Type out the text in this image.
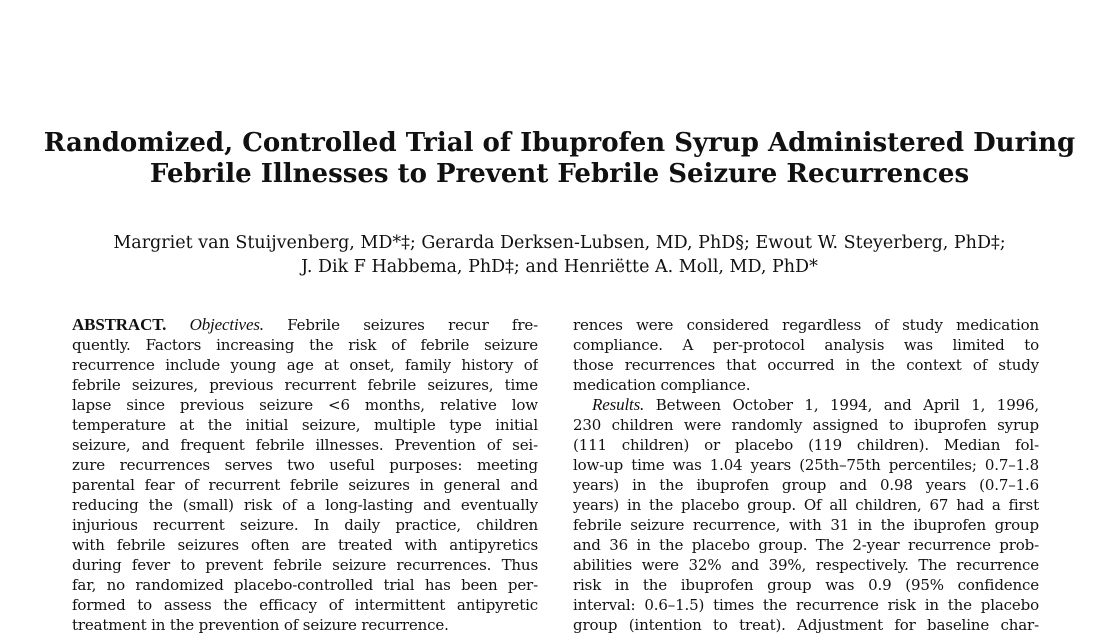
Randomized, Controlled Trial of Ibuprofen Syrup Administered During
Febrile Illnesses to Prevent Febrile Seizure Recurrences
Margriet van Stuijvenberg, MD*‡; Gerarda Derksen-Lubsen, MD, PhD§; Ewout W. Steyerberg, PhD‡;
J. Dik F Habbema, PhD‡; and Henriëtte A. Moll, MD, PhD*
ABSTRACT. Objectives. Febrile seizures recur fre-
quently. Factors increasing the risk of febrile seizure
recurrence include young age at onset, family history of
febrile seizures, previous recurrent febrile seizures, time
lapse since previous seizure <6 months, relative low
temperature at the initial seizure, multiple type initial
seizure, and frequent febrile illnesses. Prevention of sei-
zure recurrences serves two useful purposes: meeting
parental fear of recurrent febrile seizures in general and
reducing the (small) risk of a long-lasting and eventually
injurious recurrent seizure. In daily practice, children
with febrile seizures often are treated with antipyretics
during fever to prevent febrile seizure recurrences. Thus
far, no randomized placebo-controlled trial has been per-
formed to assess the efficacy of intermittent antipyretic
treatment in the prevention of seizure recurrence.
rences were considered regardless of study medication
compliance. A per-protocol analysis was limited to
those recurrences that occurred in the context of study
medication compliance.
Results. Between October 1, 1994, and April 1, 1996,
230 children were randomly assigned to ibuprofen syrup
(111 children) or placebo (119 children). Median fol-
low-up time was 1.04 years (25th–75th percentiles; 0.7–1.8
years) in the ibuprofen group and 0.98 years (0.7–1.6
years) in the placebo group. Of all children, 67 had a first
febrile seizure recurrence, with 31 in the ibuprofen group
and 36 in the placebo group. The 2-year recurrence prob-
abilities were 32% and 39%, respectively. The recurrence
risk in the ibuprofen group was 0.9 (95% confidence
interval: 0.6–1.5) times the recurrence risk in the placebo
group (intention to treat). Adjustment for baseline char-
